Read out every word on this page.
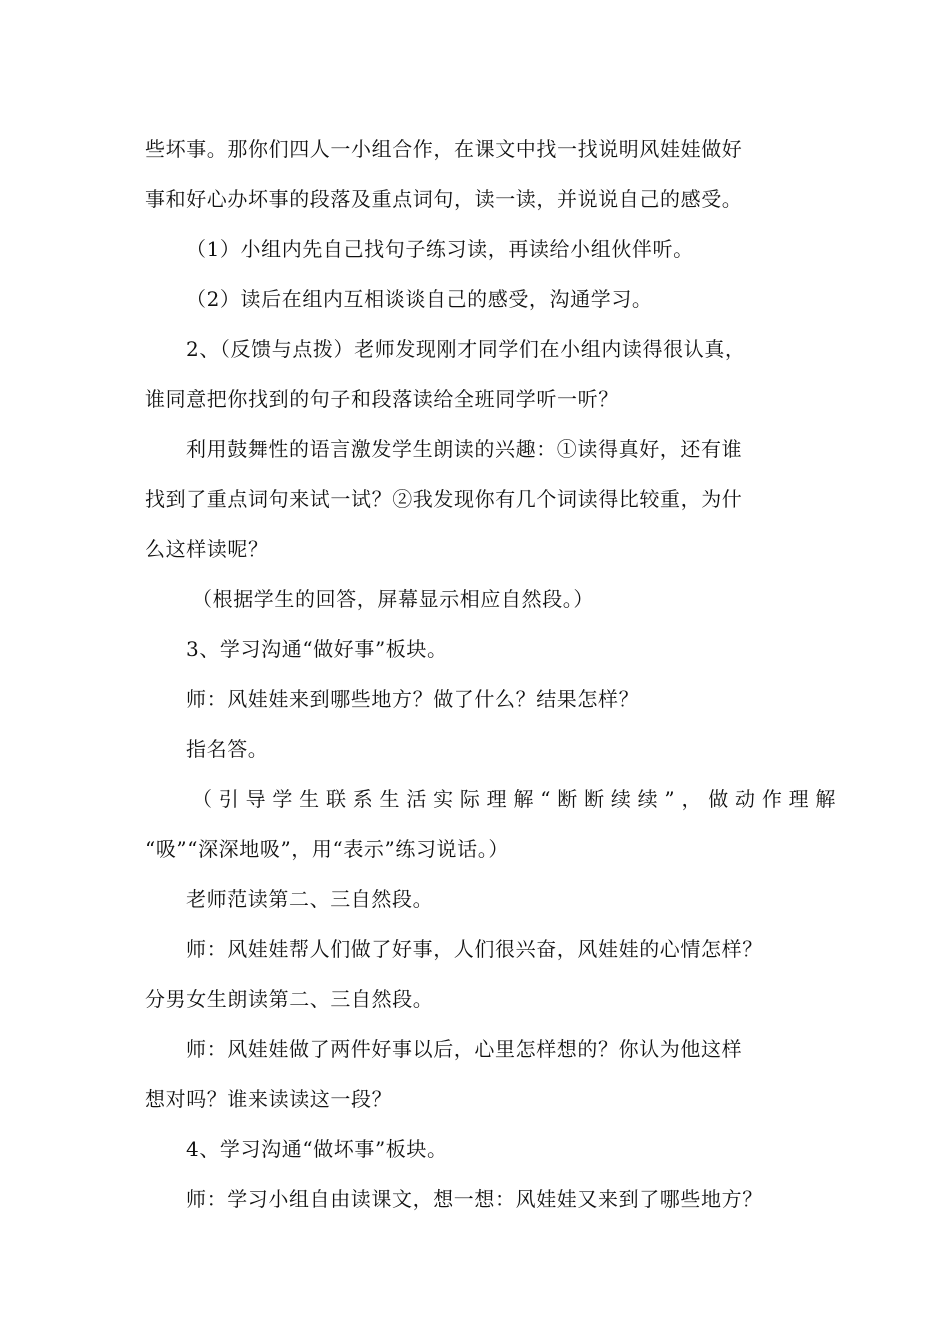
些坏事。那你们四人一小组合作，在课文中找一找说明风娃娃做好
事和好心办坏事的段落及重点词句，读一读，并说说自己的感受。
（1）小组内先自己找句子练习读，再读给小组伙伴听。
（2）读后在组内互相谈谈自己的感受，沟通学习。
2、（反馈与点拨）老师发现刚才同学们在小组内读得很认真，
谁同意把你找到的句子和段落读给全班同学听一听？
利用鼓舞性的语言激发学生朗读的兴趣：①读得真好，还有谁
找到了重点词句来试一试？②我发现你有几个词读得比较重，为什
么这样读呢？
（根据学生的回答，屏幕显示相应自然段。）
3、学习沟通“做好事”板块。
师：风娃娃来到哪些地方？做了什么？结果怎样？
指名答。
（引导学生联系生活实际理解“断断续续”，做动作理解
“吸”“深深地吸”，用“表示”练习说话。）
老师范读第二、三自然段。
师：风娃娃帮人们做了好事，人们很兴奋，风娃娃的心情怎样？
分男女生朗读第二、三自然段。
师：风娃娃做了两件好事以后，心里怎样想的？你认为他这样
想对吗？谁来读读这一段？
4、学习沟通“做坏事”板块。
师：学习小组自由读课文，想一想：风娃娃又来到了哪些地方？
